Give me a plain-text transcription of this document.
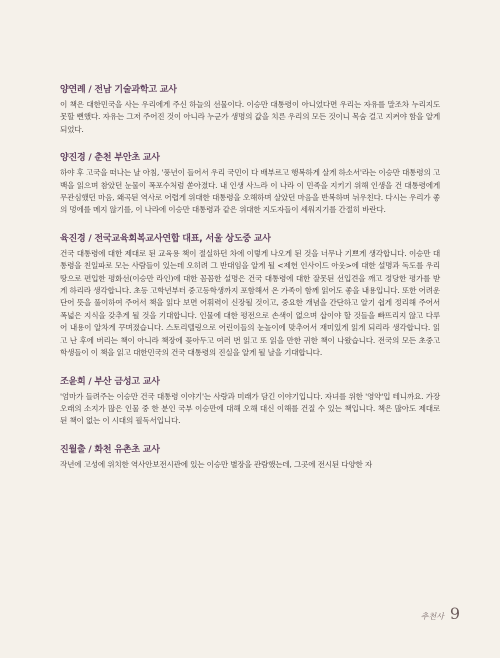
양연례 / 전남 기술과학고 교사

이 책은 대한민국을 사는 우리에게 주신 하늘의 선물이다. 이승만 대통령이 아니었다면 우리는 자유를 말조차 누리지도 못할 뻔했다. 자유는 그저 주어진 것이 아니라 누군가 생명의 값을 치른 우리의 모든 것이니 목숨 걸고 지켜야 함을 알게 되었다.

양진경 / 춘천 부안초 교사

하야 후 고국을 떠나는 날 아침, '풍년이 들어서 우리 국민이 다 배부르고 행복하게 살게 하소서'라는 이승만 대통령의 고백을 읽으며 참았던 눈물이 폭포수처럼 쏟아졌다. 내 인생 사느라 이 나라 이 민족을 지키기 위해 인생을 건 대통령에게 무관심했던 마음, 왜곡된 역사로 어렵게 위대한 대통령을 오해하며 살았던 마음을 반복하며 뉘우친다. 다시는 우리가 좋의 멍에를 메지 않기를, 이 나라에 이승만 대통령과 같은 위대한 지도자들이 세워지기를 간절히 바란다.

육진경 / 전국교육회복교사연합 대표, 서울 상도중 교사

건국 대통령에 대한 제대로 된 교육용 책이 절실하던 차에 이렇게 나오게 된 것을 너무나 기쁘게 생각합니다. 이승만 대통령을 친일파로 모는 사람들이 있는데 오히려 그 반대임을 알게 될 <제헌 인사이드 아웃>에 대한 설명과 독도를 우리 땅으로 편입한 평화선(이승만 라인)에 대한 꼼꼼한 설명은 건국 대통령에 대한 잘못된 선입견을 깨고 정당한 평가를 받게 하리라 생각합니다. 초등 고학년부터 중고등학생까지 포함해서 온 가족이 함께 읽어도 좋을 내용입니다. 또한 어려운 단어 뜻을 풀이하여 주어서 책을 읽다 보면 어휘력이 신장될 것이고, 중요한 개념을 간단하고 알기 쉽게 정리해 주어서 폭넓은 지식을 갖추게 될 것을 기대합니다. 인물에 대한 평전으로 손색이 없으며 삽이야 할 것들을 빠뜨리지 않고 다루어 내용이 알차게 꾸며졌습니다. 스토리텔링으로 어린이들의 눈높이에 맞추어서 재미있게 읽게 되리라 생각합니다. 읽고 난 후에 버리는 책이 아니라 책장에 꽂아두고 여러 번 읽고 또 읽을 만한 귀한 책이 나왔습니다. 전국의 모든 초중고 학생들이 이 책을 읽고 대한민국의 건국 대통령의 진실을 알게 될 날을 기대합니다.

조윤희 / 부산 금성고 교사

'엄마가 들려주는 이승만 건국 대통령 이야기'는 사랑과 미래가 담긴 이야기입니다. 자녀를 위한 '영약'입 테니까요. 가장 오래의 소지가 많은 인물 중 한 분인 국부 이승만에 대해 오해 대신 이해를 건질 수 있는 책입니다. 책은 많아도 제대로 된 책이 없는 이 시대의 필독서입니다.

진월출 / 화천 유촌초 교사

작년에 고성에 위치한 역사안보전시관에 있는 이승만 별장을 관람했는데, 그곳에 전시된 다양한 자

추천사 9
